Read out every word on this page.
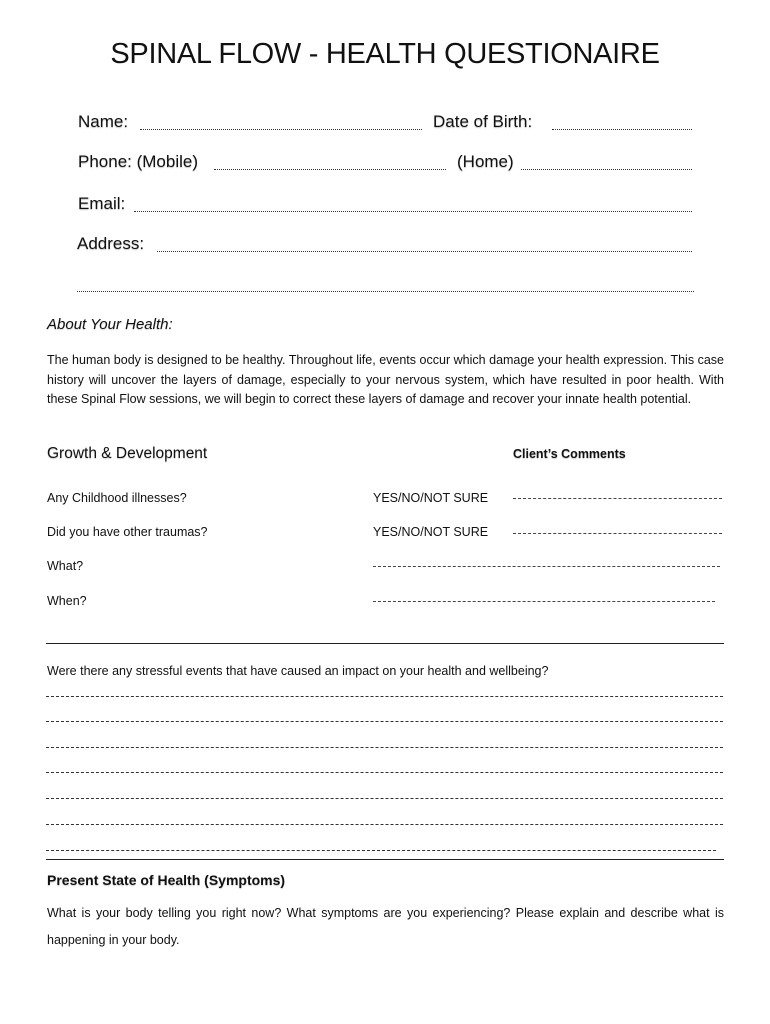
SPINAL FLOW - HEALTH QUESTIONAIRE
Name:	Date of Birth:
Phone: (Mobile)	(Home)
Email:
Address:
About Your Health:
The human body is designed to be healthy. Throughout life, events occur which damage your health expression. This case history will uncover the layers of damage, especially to your nervous system, which have resulted in poor health. With these Spinal Flow sessions, we will begin to correct these layers of damage and recover your innate health potential.
Growth & Development	Client’s Comments
Any Childhood illnesses?	YES/NO/NOT SURE
Did you have other traumas?	YES/NO/NOT SURE
What?
When?
Were there any stressful events that have caused an impact on your health and wellbeing?
Present State of Health (Symptoms)
What is your body telling you right now? What symptoms are you experiencing? Please explain and describe what is happening in your body.
